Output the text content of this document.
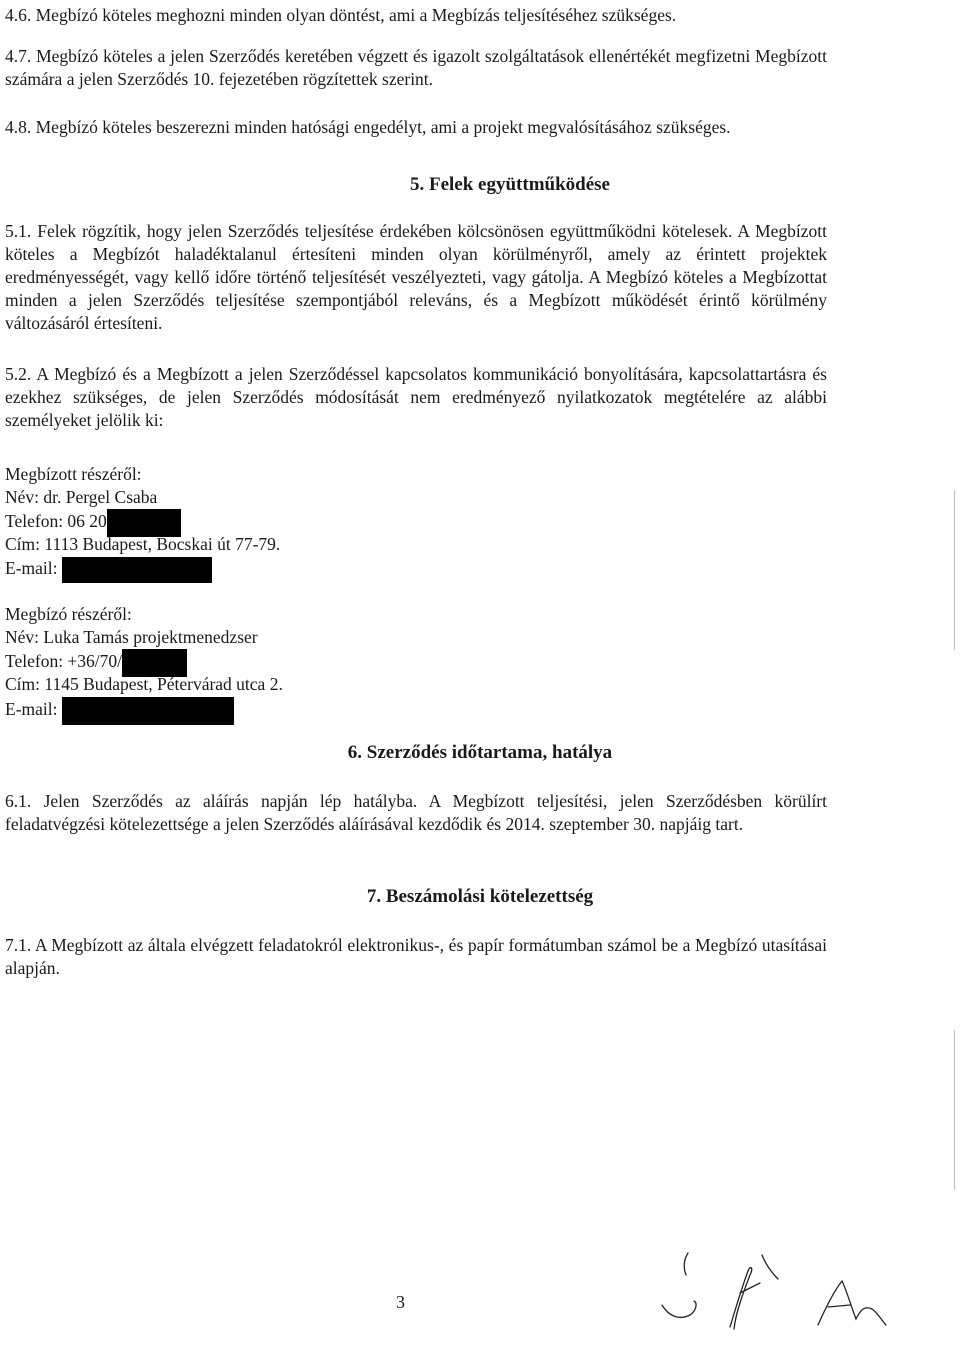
4.6. Megbízó köteles meghozni minden olyan döntést, ami a Megbízás teljesítéséhez szükséges.
4.7. Megbízó köteles a jelen Szerződés keretében végzett és igazolt szolgáltatások ellenértékét megfizetni Megbízott számára a jelen Szerződés 10. fejezetében rögzítettek szerint.
4.8. Megbízó köteles beszerezni minden hatósági engedélyt, ami a projekt megvalósításához szükséges.
5. Felek együttműködése
5.1. Felek rögzítik, hogy jelen Szerződés teljesítése érdekében kölcsönösen együttműködni kötelesek. A Megbízott köteles a Megbízót haladéktalanul értesíteni minden olyan körülményről, amely az érintett projektek eredményességét, vagy kellő időre történő teljesítését veszélyezteti, vagy gátolja. A Megbízó köteles a Megbízottat minden a jelen Szerződés teljesítése szempontjából releváns, és a Megbízott működését érintő körülmény változásáról értesíteni.
5.2. A Megbízó és a Megbízott a jelen Szerződéssel kapcsolatos kommunikáció bonyolítására, kapcsolattartásra és ezekhez szükséges, de jelen Szerződés módosítását nem eredményező nyilatkozatok megtételére az alábbi személyeket jelölik ki:
Megbízott részéről:
Név: dr. Pergel Csaba
Telefon: 06 20
Cím: 1113 Budapest, Bocskai út 77-79.
E-mail:
Megbízó részéről:
Név: Luka Tamás projektmenedzser
Telefon: +36/70/
Cím: 1145 Budapest, Pétervárad utca 2.
E-mail:
6. Szerződés időtartama, hatálya
6.1. Jelen Szerződés az aláírás napján lép hatályba. A Megbízott teljesítési, jelen Szerződésben körülírt feladatvégzési kötelezettsége a jelen Szerződés aláírásával kezdődik és 2014. szeptember 30. napjáig tart.
7. Beszámolási kötelezettség
7.1. A Megbízott az általa elvégzett feladatokról elektronikus-, és papír formátumban számol be a Megbízó utasításai alapján.
3
